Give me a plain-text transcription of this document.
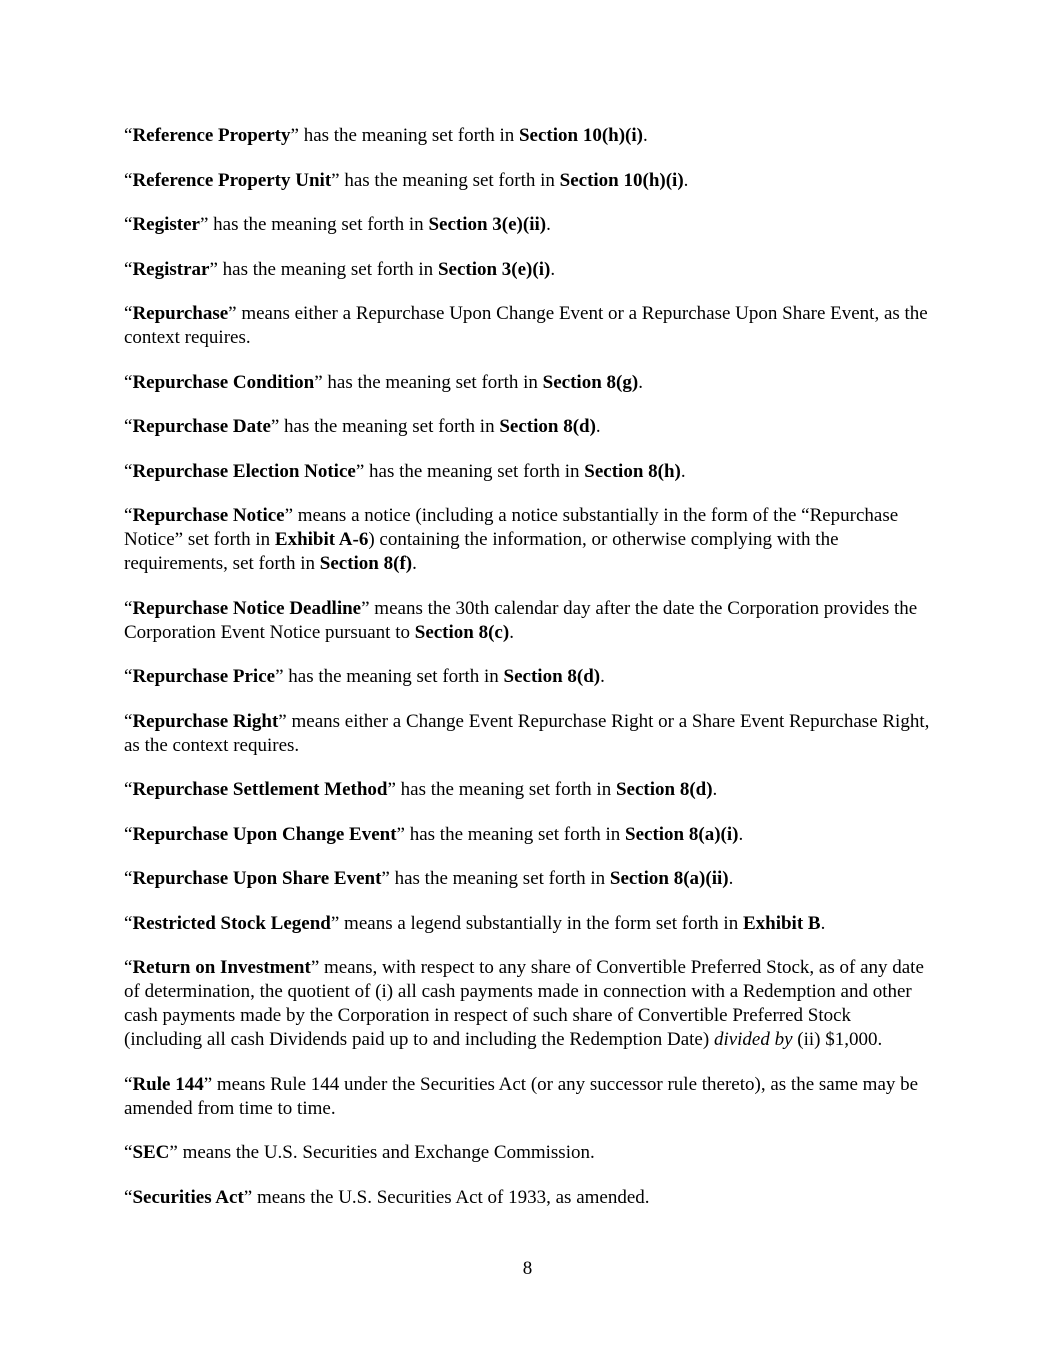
“Reference Property” has the meaning set forth in Section 10(h)(i).

“Reference Property Unit” has the meaning set forth in Section 10(h)(i).

“Register” has the meaning set forth in Section 3(e)(ii).

“Registrar” has the meaning set forth in Section 3(e)(i).

“Repurchase” means either a Repurchase Upon Change Event or a Repurchase Upon Share Event, as the context requires.

“Repurchase Condition” has the meaning set forth in Section 8(g).

“Repurchase Date” has the meaning set forth in Section 8(d).

“Repurchase Election Notice” has the meaning set forth in Section 8(h).

“Repurchase Notice” means a notice (including a notice substantially in the form of the “Repurchase Notice” set forth in Exhibit A-6) containing the information, or otherwise complying with the requirements, set forth in Section 8(f).

“Repurchase Notice Deadline” means the 30th calendar day after the date the Corporation provides the Corporation Event Notice pursuant to Section 8(c).

“Repurchase Price” has the meaning set forth in Section 8(d).

“Repurchase Right” means either a Change Event Repurchase Right or a Share Event Repurchase Right, as the context requires.

“Repurchase Settlement Method” has the meaning set forth in Section 8(d).

“Repurchase Upon Change Event” has the meaning set forth in Section 8(a)(i).

“Repurchase Upon Share Event” has the meaning set forth in Section 8(a)(ii).

“Restricted Stock Legend” means a legend substantially in the form set forth in Exhibit B.

“Return on Investment” means, with respect to any share of Convertible Preferred Stock, as of any date of determination, the quotient of (i) all cash payments made in connection with a Redemption and other cash payments made by the Corporation in respect of such share of Convertible Preferred Stock (including all cash Dividends paid up to and including the Redemption Date) divided by (ii) $1,000.

“Rule 144” means Rule 144 under the Securities Act (or any successor rule thereto), as the same may be amended from time to time.

“SEC” means the U.S. Securities and Exchange Commission.

“Securities Act” means the U.S. Securities Act of 1933, as amended.

8
